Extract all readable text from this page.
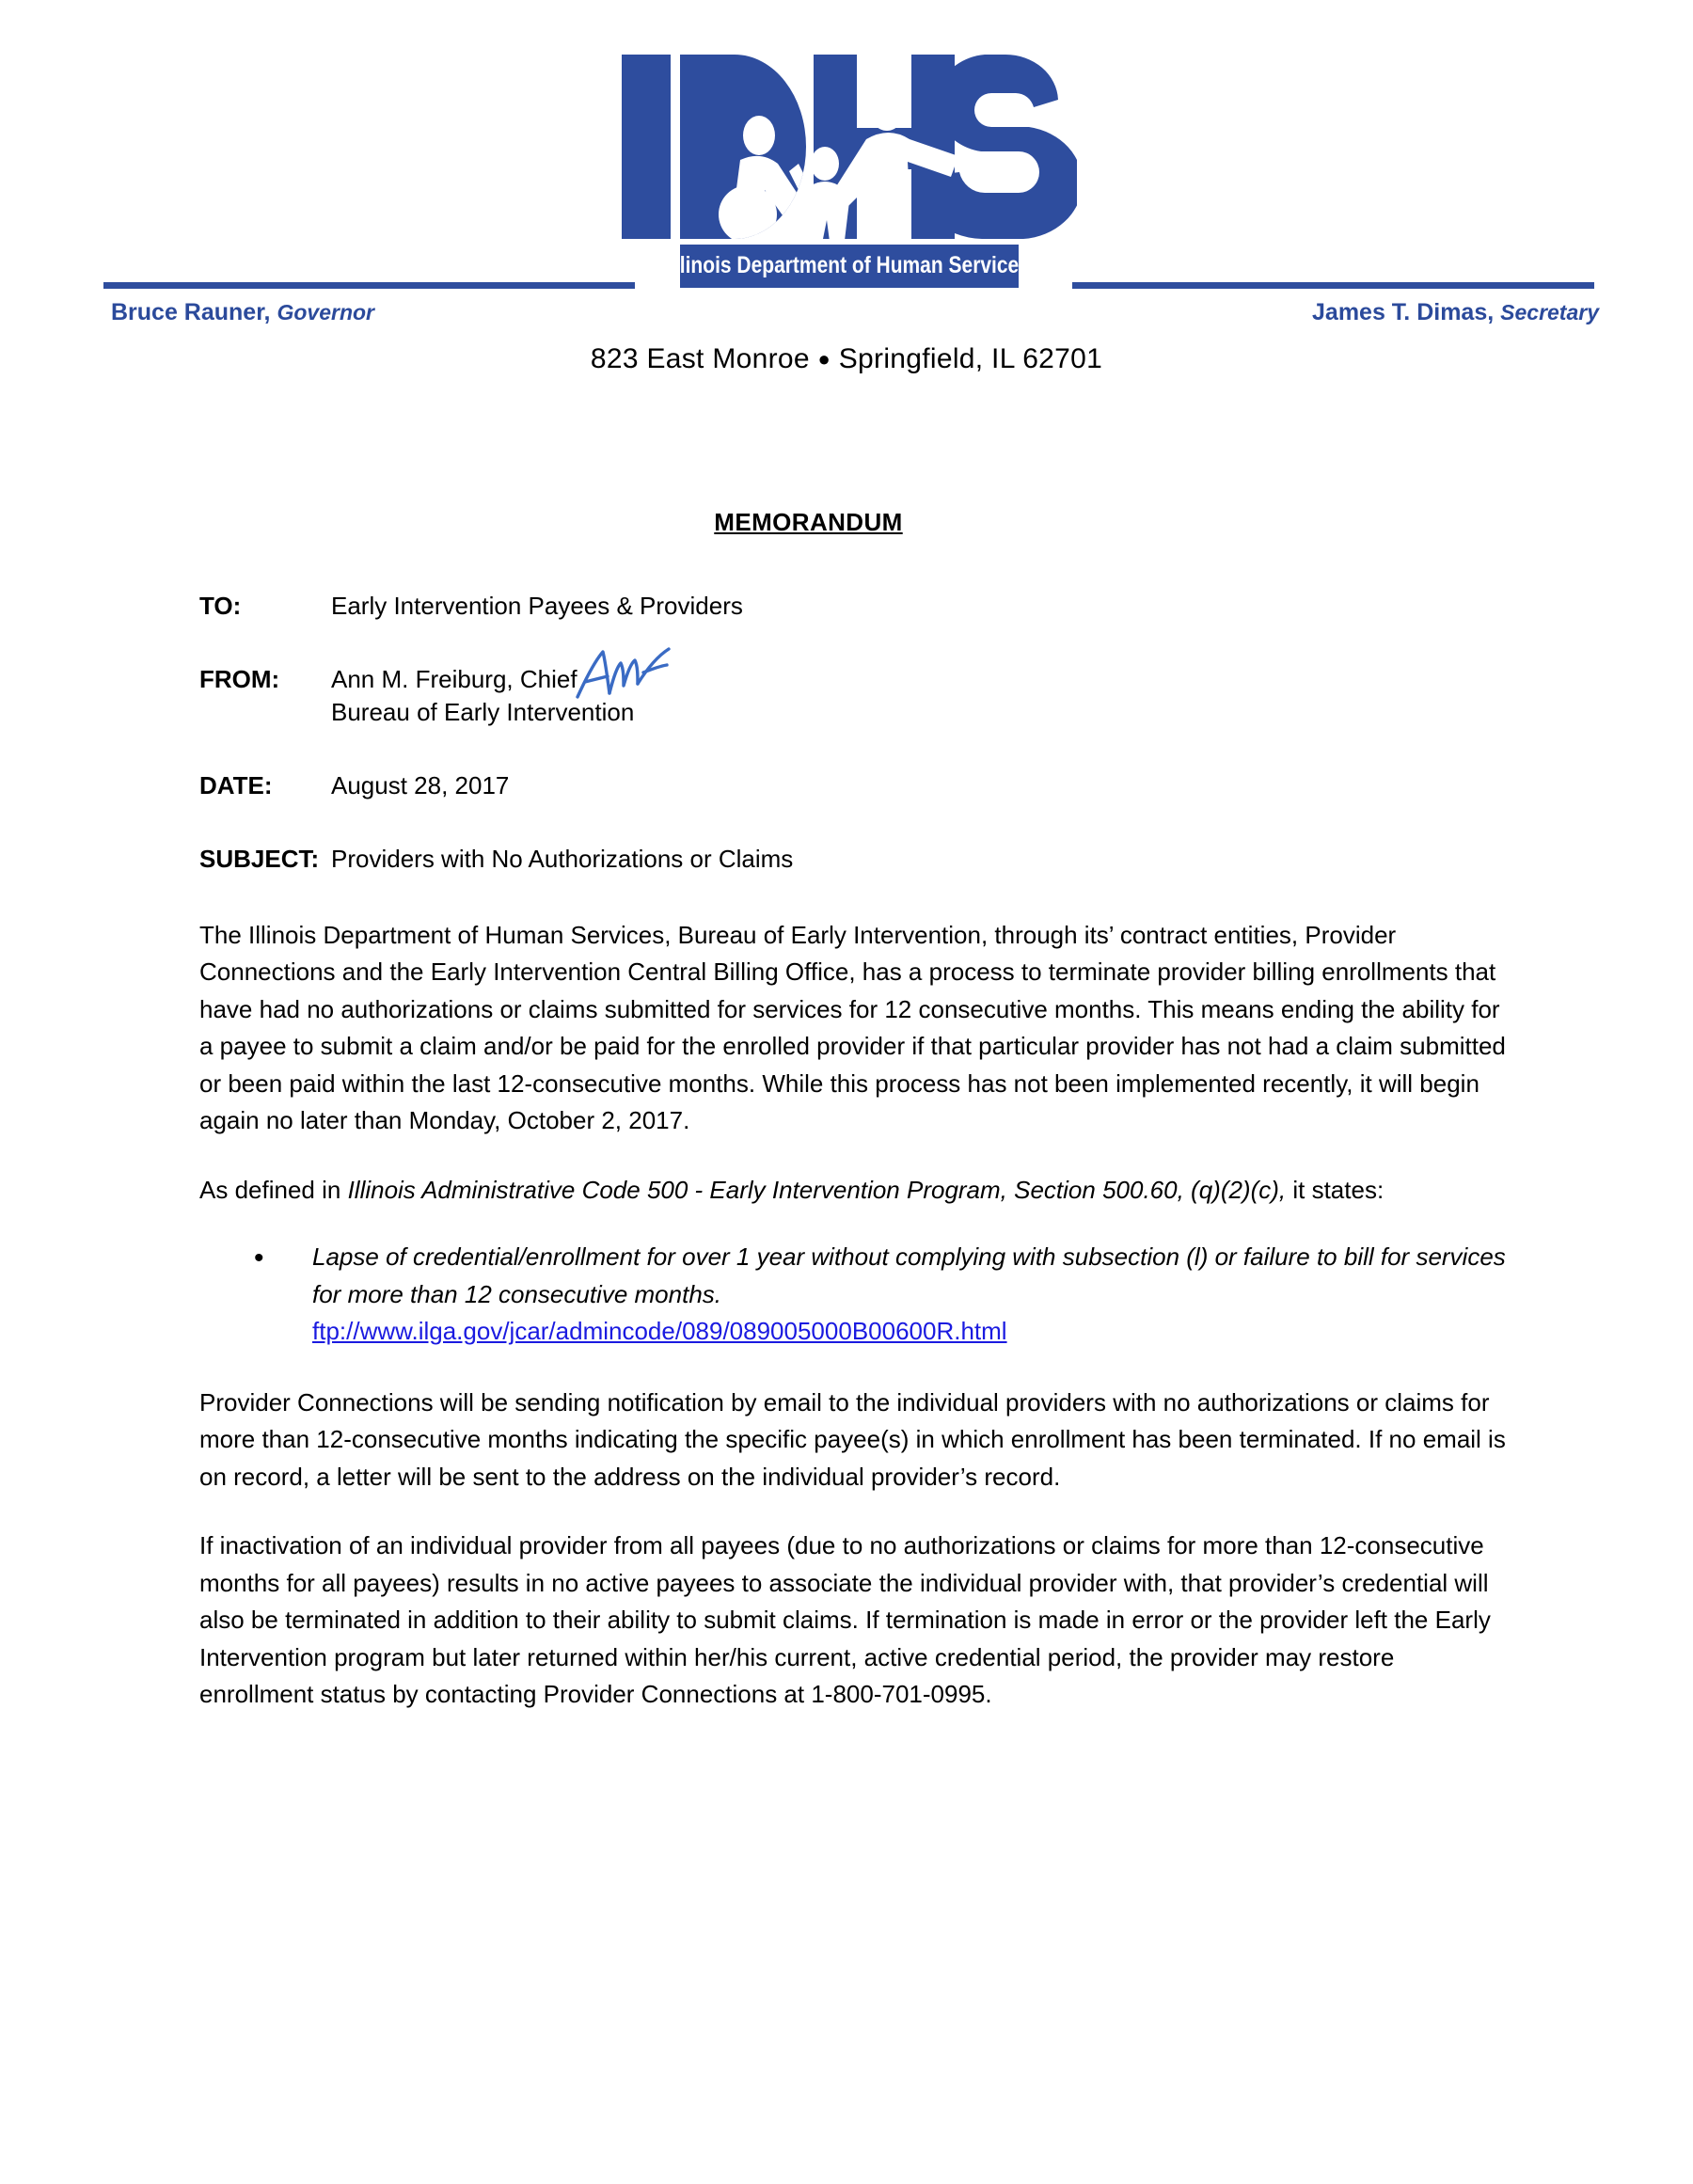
Illinois Department of Human Services
Bruce Rauner, Governor	James T. Dimas, Secretary
823 East Monroe ● Springfield, IL 62701
MEMORANDUM
TO:	Early Intervention Payees & Providers
FROM:	Ann M. Freiburg, Chief
Bureau of Early Intervention
DATE:	August 28, 2017
SUBJECT: Providers with No Authorizations or Claims

The Illinois Department of Human Services, Bureau of Early Intervention, through its’ contract entities, Provider Connections and the Early Intervention Central Billing Office, has a process to terminate provider billing enrollments that have had no authorizations or claims submitted for services for 12 consecutive months. This means ending the ability for a payee to submit a claim and/or be paid for the enrolled provider if that particular provider has not had a claim submitted or been paid within the last 12-consecutive months. While this process has not been implemented recently, it will begin again no later than Monday, October 2, 2017.

As defined in Illinois Administrative Code 500 - Early Intervention Program, Section 500.60, (q)(2)(c), it states:

•	Lapse of credential/enrollment for over 1 year without complying with subsection (l) or failure to bill for services for more than 12 consecutive months.
ftp://www.ilga.gov/jcar/admincode/089/089005000B00600R.html

Provider Connections will be sending notification by email to the individual providers with no authorizations or claims for more than 12-consecutive months indicating the specific payee(s) in which enrollment has been terminated. If no email is on record, a letter will be sent to the address on the individual provider’s record.

If inactivation of an individual provider from all payees (due to no authorizations or claims for more than 12-consecutive months for all payees) results in no active payees to associate the individual provider with, that provider’s credential will also be terminated in addition to their ability to submit claims. If termination is made in error or the provider left the Early Intervention program but later returned within her/his current, active credential period, the provider may restore enrollment status by contacting Provider Connections at 1-800-701-0995.
